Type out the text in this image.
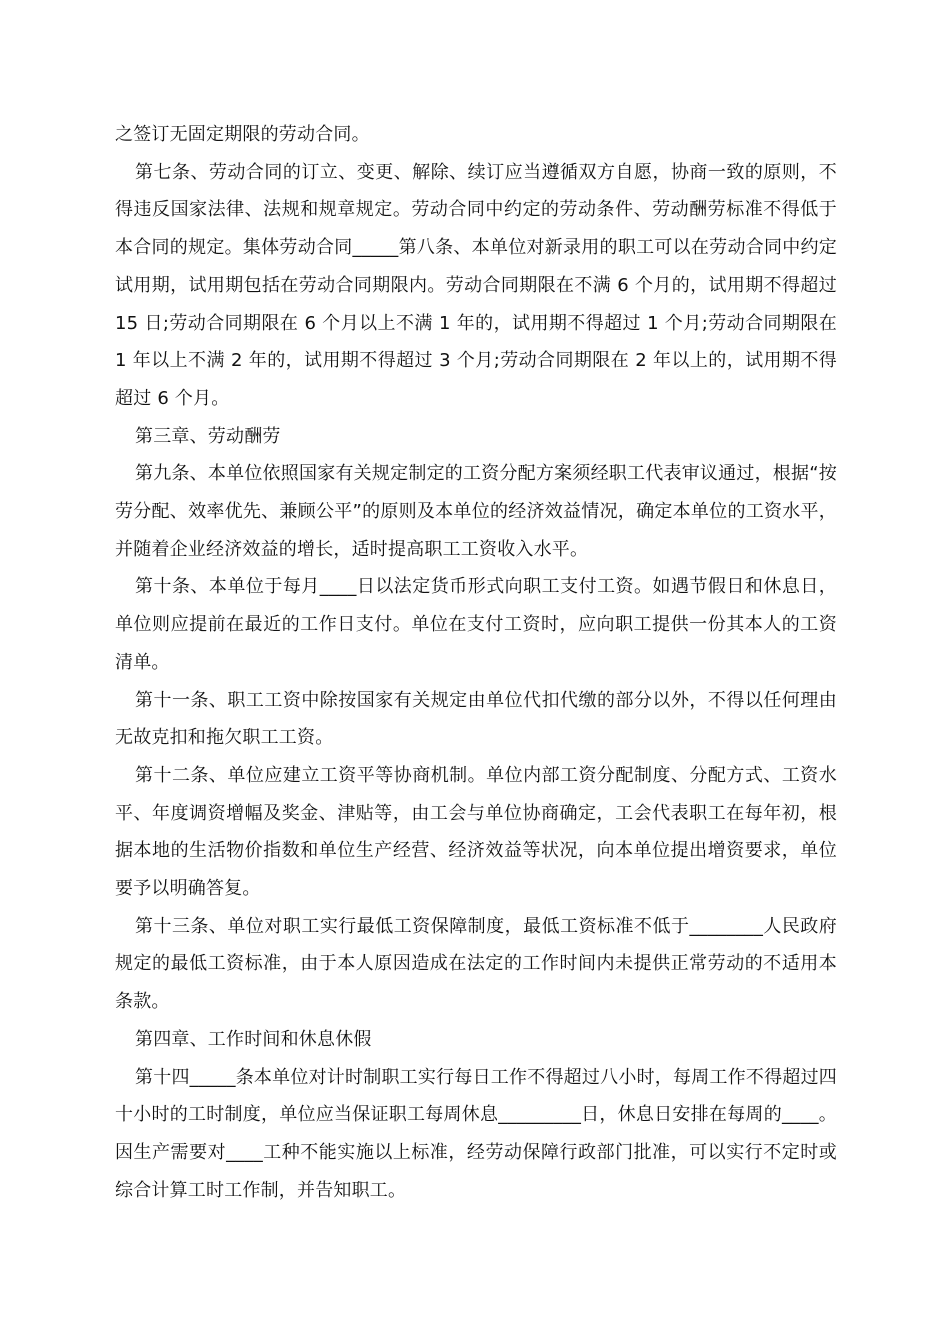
之签订无固定期限的劳动合同。

第七条、劳动合同的订立、变更、解除、续订应当遵循双方自愿，协商一致的原则，不得违反国家法律、法规和规章规定。劳动合同中约定的劳动条件、劳动酬劳标准不得低于本合同的规定。集体劳动合同_____第八条、本单位对新录用的职工可以在劳动合同中约定试用期，试用期包括在劳动合同期限内。劳动合同期限在不满 6 个月的，试用期不得超过 15 日;劳动合同期限在 6 个月以上不满 1 年的，试用期不得超过 1 个月;劳动合同期限在 1 年以上不满 2 年的，试用期不得超过 3 个月;劳动合同期限在 2 年以上的，试用期不得超过 6 个月。

第三章、劳动酬劳

第九条、本单位依照国家有关规定制定的工资分配方案须经职工代表审议通过，根据“按劳分配、效率优先、兼顾公平”的原则及本单位的经济效益情况，确定本单位的工资水平，并随着企业经济效益的增长，适时提高职工工资收入水平。

第十条、本单位于每月____日以法定货币形式向职工支付工资。如遇节假日和休息日，单位则应提前在最近的工作日支付。单位在支付工资时，应向职工提供一份其本人的工资清单。

第十一条、职工工资中除按国家有关规定由单位代扣代缴的部分以外，不得以任何理由无故克扣和拖欠职工工资。

第十二条、单位应建立工资平等协商机制。单位内部工资分配制度、分配方式、工资水平、年度调资增幅及奖金、津贴等，由工会与单位协商确定，工会代表职工在每年初，根据本地的生活物价指数和单位生产经营、经济效益等状况，向本单位提出增资要求，单位要予以明确答复。

第十三条、单位对职工实行最低工资保障制度，最低工资标准不低于________人民政府规定的最低工资标准，由于本人原因造成在法定的工作时间内未提供正常劳动的不适用本条款。

第四章、工作时间和休息休假

第十四_____条本单位对计时制职工实行每日工作不得超过八小时，每周工作不得超过四十小时的工时制度，单位应当保证职工每周休息_________日，休息日安排在每周的____。因生产需要对____工种不能实施以上标准，经劳动保障行政部门批准，可以实行不定时或综合计算工时工作制，并告知职工。
